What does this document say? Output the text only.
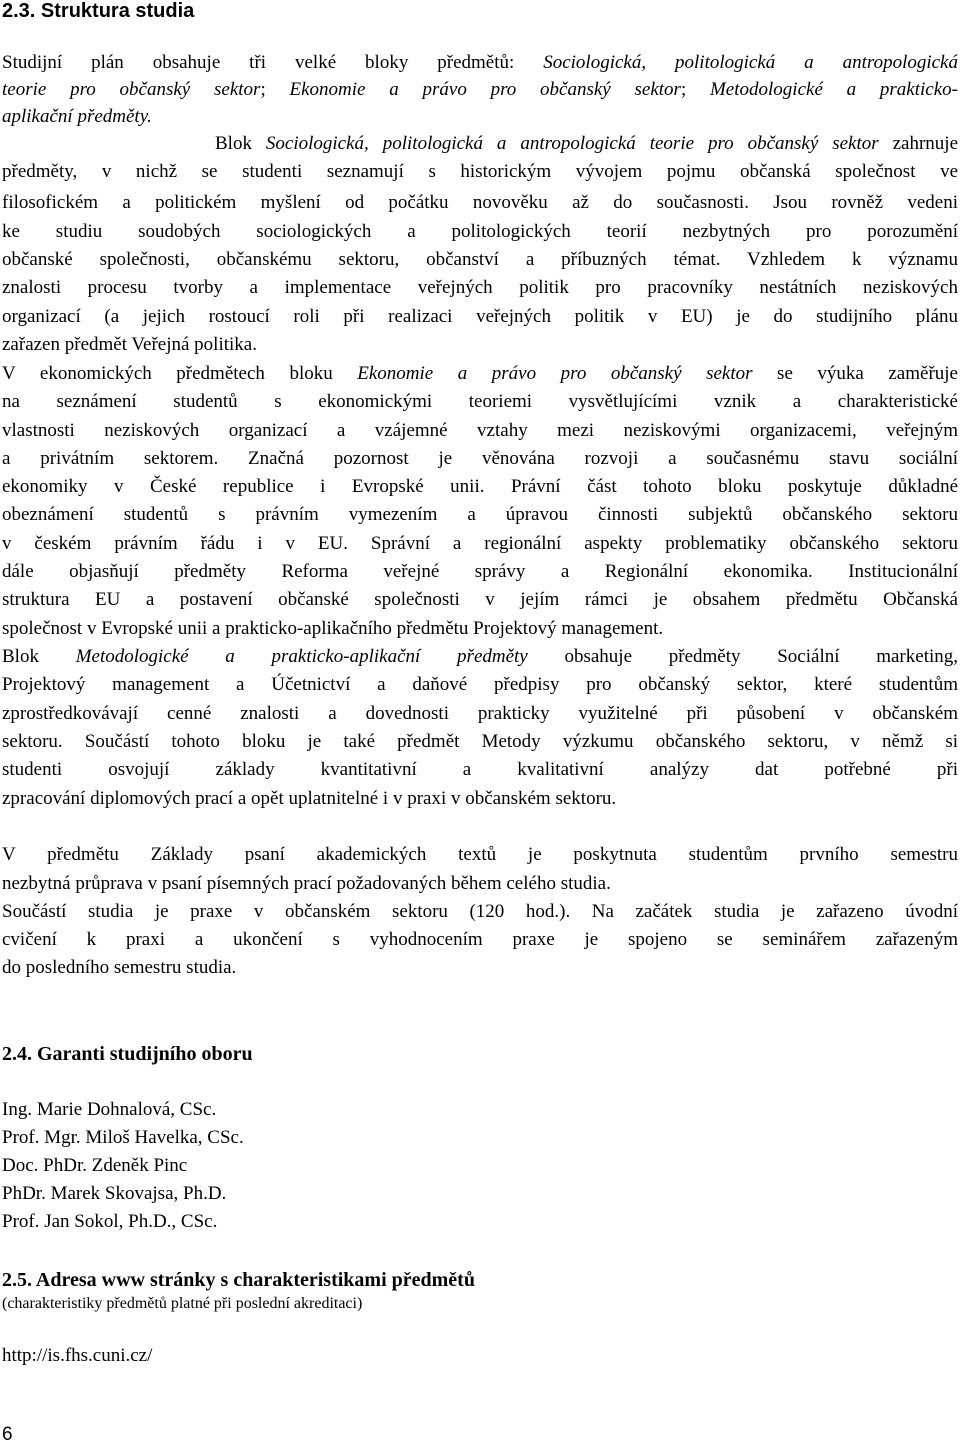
2.3. Struktura studia
Studijní plán obsahuje tři velké bloky předmětů: Sociologická, politologická a antropologická
teorie pro občanský sektor; Ekonomie a právo pro občanský sektor; Metodologické a prakticko-
aplikační předměty.
Blok Sociologická, politologická a antropologická teorie pro občanský sektor zahrnuje
předměty, v nichž se studenti seznamují s historickým vývojem pojmu občanská společnost ve
filosofickém a politickém myšlení od počátku novověku až do současnosti. Jsou rovněž vedeni
ke studiu soudobých sociologických a politologických teorií nezbytných pro porozumění
občanské společnosti, občanskému sektoru, občanství a příbuzných témat. Vzhledem k významu
znalosti procesu tvorby a implementace veřejných politik pro pracovníky nestátních neziskových
organizací (a jejich rostoucí roli při realizaci veřejných politik v EU) je do studijního plánu
zařazen předmět Veřejná politika.
V ekonomických předmětech bloku Ekonomie a právo pro občanský sektor se výuka zaměřuje
na seznámení studentů s ekonomickými teoriemi vysvětlujícími vznik a charakteristické
vlastnosti neziskových organizací a vzájemné vztahy mezi neziskovými organizacemi, veřejným
a privátním sektorem. Značná pozornost je věnována rozvoji a současnému stavu sociální
ekonomiky v České republice i Evropské unii. Právní část tohoto bloku poskytuje důkladné
obeznámení studentů s právním vymezením a úpravou činnosti subjektů občanského sektoru
v českém právním řádu i v EU. Správní a regionální aspekty problematiky občanského sektoru
dále objasňují předměty Reforma veřejné správy a Regionální ekonomika. Institucionální
struktura EU a postavení občanské společnosti v jejím rámci je obsahem předmětu Občanská
společnost v Evropské unii a prakticko-aplikačního předmětu Projektový management.
Blok Metodologické a prakticko-aplikační předměty obsahuje předměty Sociální marketing,
Projektový management a Účetnictví a daňové předpisy pro občanský sektor, které studentům
zprostředkovávají cenné znalosti a dovednosti prakticky využitelné při působení v občanském
sektoru. Součástí tohoto bloku je také předmět Metody výzkumu občanského sektoru, v němž si
studenti osvojují základy kvantitativní a kvalitativní analýzy dat potřebné při
zpracování diplomových prací a opět uplatnitelné i v praxi v občanském sektoru.
V předmětu Základy psaní akademických textů je poskytnuta studentům prvního semestru
nezbytná průprava v psaní písemných prací požadovaných během celého studia.
Součástí studia je praxe v občanském sektoru (120 hod.). Na začátek studia je zařazeno úvodní
cvičení k praxi a ukončení s vyhodnocením praxe je spojeno se seminářem zařazeným
do posledního semestru studia.
2.4. Garanti studijního oboru
Ing. Marie Dohnalová, CSc.
Prof. Mgr. Miloš Havelka, CSc.
Doc. PhDr. Zdeněk Pinc
PhDr. Marek Skovajsa, Ph.D.
Prof. Jan Sokol, Ph.D., CSc.
2.5. Adresa www stránky s charakteristikami předmětů
(charakteristiky předmětů platné při poslední akreditaci)
http://is.fhs.cuni.cz/
6
